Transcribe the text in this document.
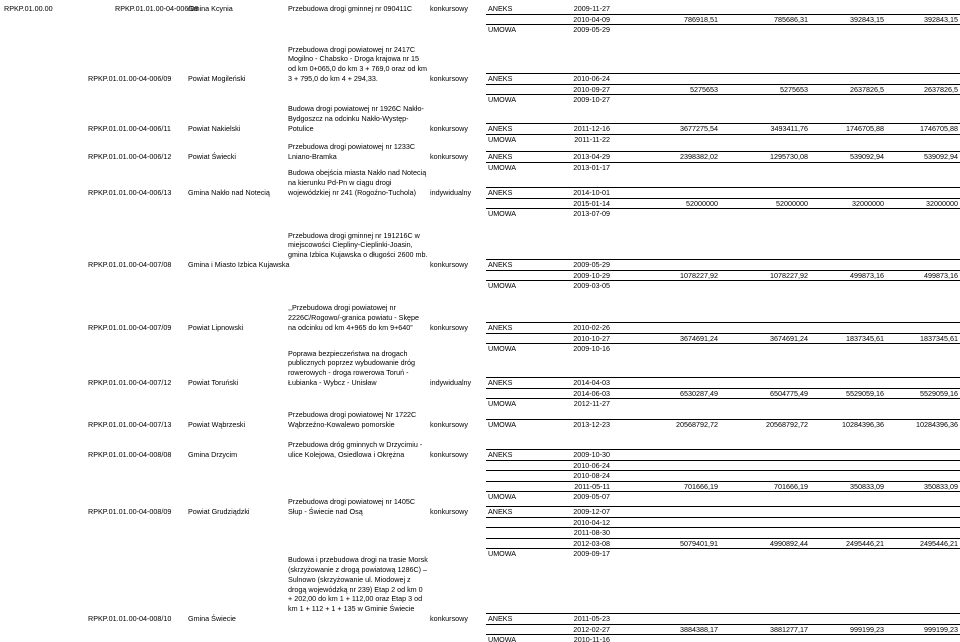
RPKP.01.00.00	RPKP.01.01.00-04-006/08
Gmina Kcynia	Przebudowa drogi gminnej nr 090411C	konkursowy	ANEKS	2009-11-27
2010-04-09	786918,51	785686,31	392843,15	392843,15
UMOWA	2009-05-29
RPKP.01.01.00-04-006/09 Powiat Mogileński
Przebudowa drogi powiatowej nr 2417C Mogilno - Chabsko - Droga krajowa nr 15 od km 0+065,0 do km 3 + 769,0 oraz od km 3 + 795,0 do km 4 + 294,33.	konkursowy	ANEKS	2010-06-24
2010-09-27	5275653	5275653	2637826,5	2637826,5
UMOWA	2009-10-27
RPKP.01.01.00-04-006/11 Powiat Nakielski
Budowa drogi powiatowej nr 1926C Nakło-Bydgoszcz na odcinku Nakło-Występ-Potulice	konkursowy	ANEKS	2011-12-16	3677275,54	3493411,76	1746705,88	1746705,88
UMOWA	2011-11-22
RPKP.01.01.00-04-006/12 Powiat Świecki
Przebudowa drogi powiatowej nr 1233C Lniano-Bramka	konkursowy	ANEKS	2013-04-29	2398382,02	1295730,08	539092,94	539092,94
UMOWA	2013-01-17
RPKP.01.01.00-04-006/13 Gmina Nakło nad Notecią
Budowa obejścia miasta Nakło nad Notecią na kierunku Pd-Pn w ciągu drogi wojewódzkiej nr 241 (Rogoźno-Tuchola)	indywidualny ANEKS	2014-10-01
2015-01-14	52000000	52000000	32000000	32000000
UMOWA	2013-07-09
RPKP.01.01.00-04-007/08 Gmina i Miasto Izbica Kujawska
Przebudowa drogi gminnej nr 191216C w miejscowości Ciepliny-Cieplinki-Joasin, gmina Izbica Kujawska o długości 2600 mb.
konkursowy	ANEKS	2009-05-29
2009-10-29	1078227,92	1078227,92	499873,16	499873,16
UMOWA	2009-03-05
RPKP.01.01.00-04-007/09 Powiat Lipnowski
,,Przebudowa drogi powiatowej nr 2226C/Rogowo/-granica powiatu - Skępe na odcinku od km 4+965 do km 9+640”	konkursowy	ANEKS	2010-02-26
2010-10-27	3674691,24	3674691,24	1837345,61	1837345,61
UMOWA	2009-10-16
RPKP.01.01.00-04-007/12 Powiat Toruński
Poprawa bezpieczeństwa na drogach publicznych poprzez wybudowanie dróg rowerowych - droga rowerowa Toruń - Łubianka - Wybcz - Unisław	indywidualny ANEKS	2014-04-03
2014-06-03	6530287,49	6504775,49	5529059,16	5529059,16
UMOWA	2012-11-27
RPKP.01.01.00-04-007/13 Powiat Wąbrzeski
Przebudowa drogi powiatowej Nr 1722C Wąbrzeźno-Kowalewo pomorskie	konkursowy	UMOWA	2013-12-23	20568792,72	20568792,72	10284396,36	10284396,36
RPKP.01.01.00-04-008/08 Gmina Drzycim
Przebudowa dróg gminnych w Drzycimiu - ulice Kolejowa, Osiedlowa i Okrężna	konkursowy	ANEKS	2009-10-30
2010-06-24
2010-08-24
2011-05-11	701666,19	701666,19	350833,09	350833,09
UMOWA	2009-05-07
RPKP.01.01.00-04-008/09 Powiat Grudziądzki
Przebudowa drogi powiatowej nr 1405C Słup - Świecie nad Osą	konkursowy	ANEKS	2009-12-07
2010-04-12
2011-08-30
2012-03-08	5079401,91	4990892,44	2495446,21	2495446,21
UMOWA	2009-09-17
RPKP.01.01.00-04-008/10 Gmina Świecie
Budowa i przebudowa drogi na trasie Morsk (skrzyżowanie z drogą powiatową 1286C) – Sulnowo (skrzyżowanie ul. Miodowej z drogą wojewódzką nr 239) Etap 2 od km 0 + 202,00 do km 1 + 112,00 oraz Etap 3 od km 1 + 112 + 1 + 135 w Gminie Świecie
konkursowy	ANEKS	2011-05-23
2012-02-27	3884388,17	3881277,17	999199,23	999199,23
UMOWA	2010-11-16
